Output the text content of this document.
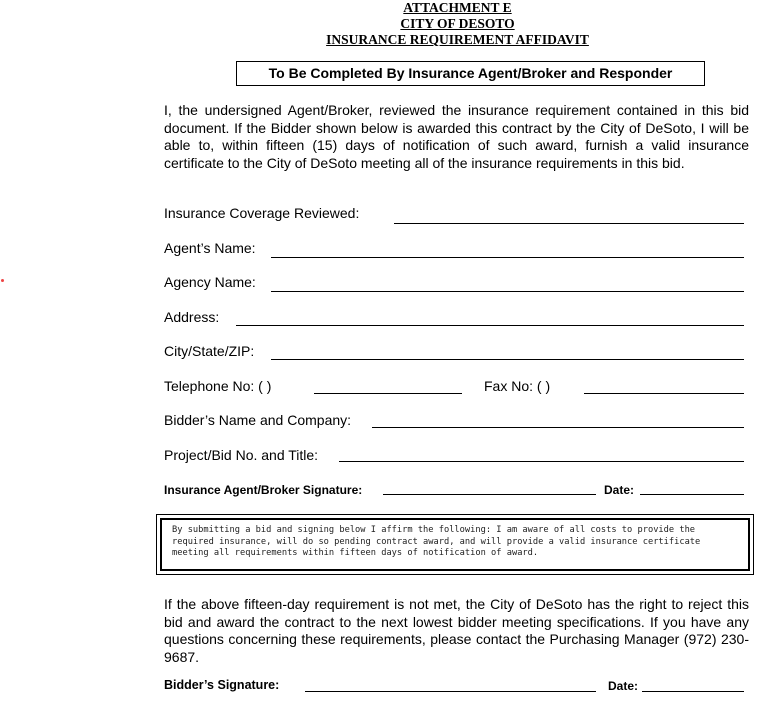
ATTACHMENT E
CITY OF DESOTO
INSURANCE REQUIREMENT AFFIDAVIT
To Be Completed By Insurance Agent/Broker and Responder
I, the undersigned Agent/Broker, reviewed the insurance requirement contained in this bid document. If the Bidder shown below is awarded this contract by the City of DeSoto, I will be able to, within fifteen (15) days of notification of such award, furnish a valid insurance certificate to the City of DeSoto meeting all of the insurance requirements in this bid.
Insurance Coverage Reviewed:
Agent’s Name:
Agency Name:
Address:
City/State/ZIP:
Telephone No: ( )	Fax No: ( )
Bidder’s Name and Company:
Project/Bid No. and Title:
Insurance Agent/Broker Signature:	Date:
By submitting a bid and signing below I affirm the following: I am aware of all costs to provide the required insurance, will do so pending contract award, and will provide a valid insurance certificate meeting all requirements within fifteen days of notification of award.
If the above fifteen-day requirement is not met, the City of DeSoto has the right to reject this bid and award the contract to the next lowest bidder meeting specifications. If you have any questions concerning these requirements, please contact the Purchasing Manager (972) 230-9687.
Bidder’s Signature:	Date:
